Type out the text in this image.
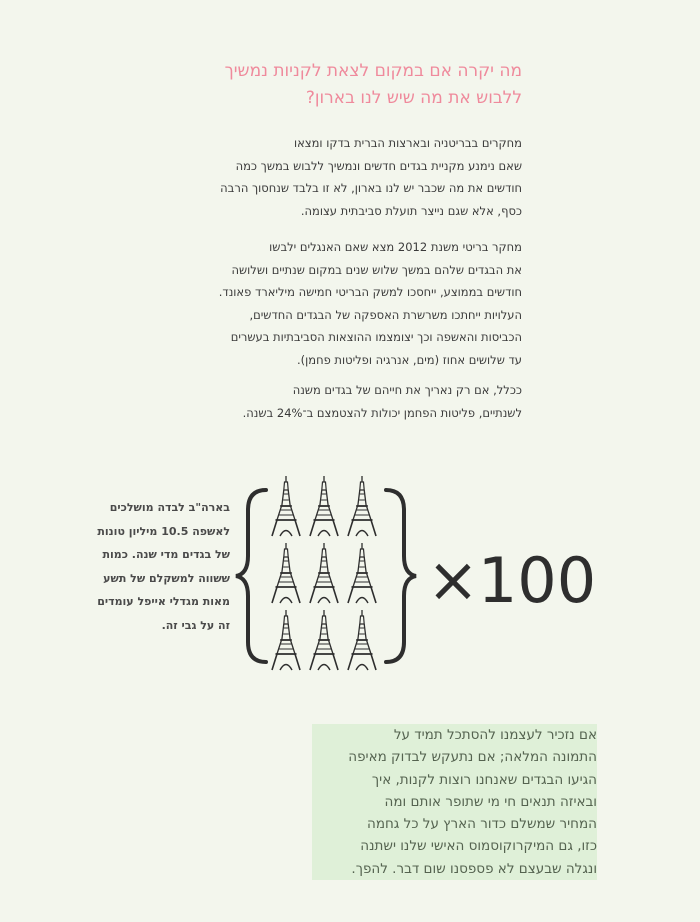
מה יקרה אם במקום לצאת לקניות נמשיך
ללבוש את מה שיש לנו בארון?
מחקרים בבריטניה ובארצות הברית בדקו ומצאו
שאם נימנע מקניית בגדים חדשים ונמשיך ללבוש במשך כמה
חודשים את מה שכבר יש לנו בארון, לא זו בלבד שנחסוך הרבה
כסף, אלא שגם נייצר תועלת סביבתית עצומה.
מחקר בריטי משנת 2012 מצא שאם האנגלים ילבשו
את הבגדים שלהם במשך שלוש שנים במקום שנתיים ושלושה
חודשים בממוצע, ייחסכו למשק הבריטי חמישה מיליארד פאונד.
העלויות ייחתכו משרשרת האספקה של הבגדים החדשים,
הכביסות והאשפה וכך יצומצמו ההוצאות הסביבתיות בעשרים
עד שלושים אחוז (מים, אנרגיה ופליטות פחמן).
ככלל, אם רק נאריך את חייהם של בגדים משנה
לשנתיים, פליטות הפחמן יכולות להצטמצם ב־24% בשנה.
בארה"ב לבדה מושלכים
לאשפה 10.5 מיליון טונות
של בגדים מדי שנה. כמות
ששווה למשקלם של תשע
מאות מגדלי אייפל עומדים
זה על גבי זה.
×
100
אם נזכיר לעצמנו להסתכל תמיד על
התמונה המלאה; אם נתעקש לבדוק מאיפה
הגיעו הבגדים שאנחנו רוצות לקנות, איך
ובאיזה תנאים חי מי שתופר אותם ומה
המחיר שמשלם כדור הארץ על כל גחמה
כזו, גם המיקרוקוסמוס האישי שלנו ישתנה
ונגלה שבעצם לא פספסנו שום דבר. להפך.
